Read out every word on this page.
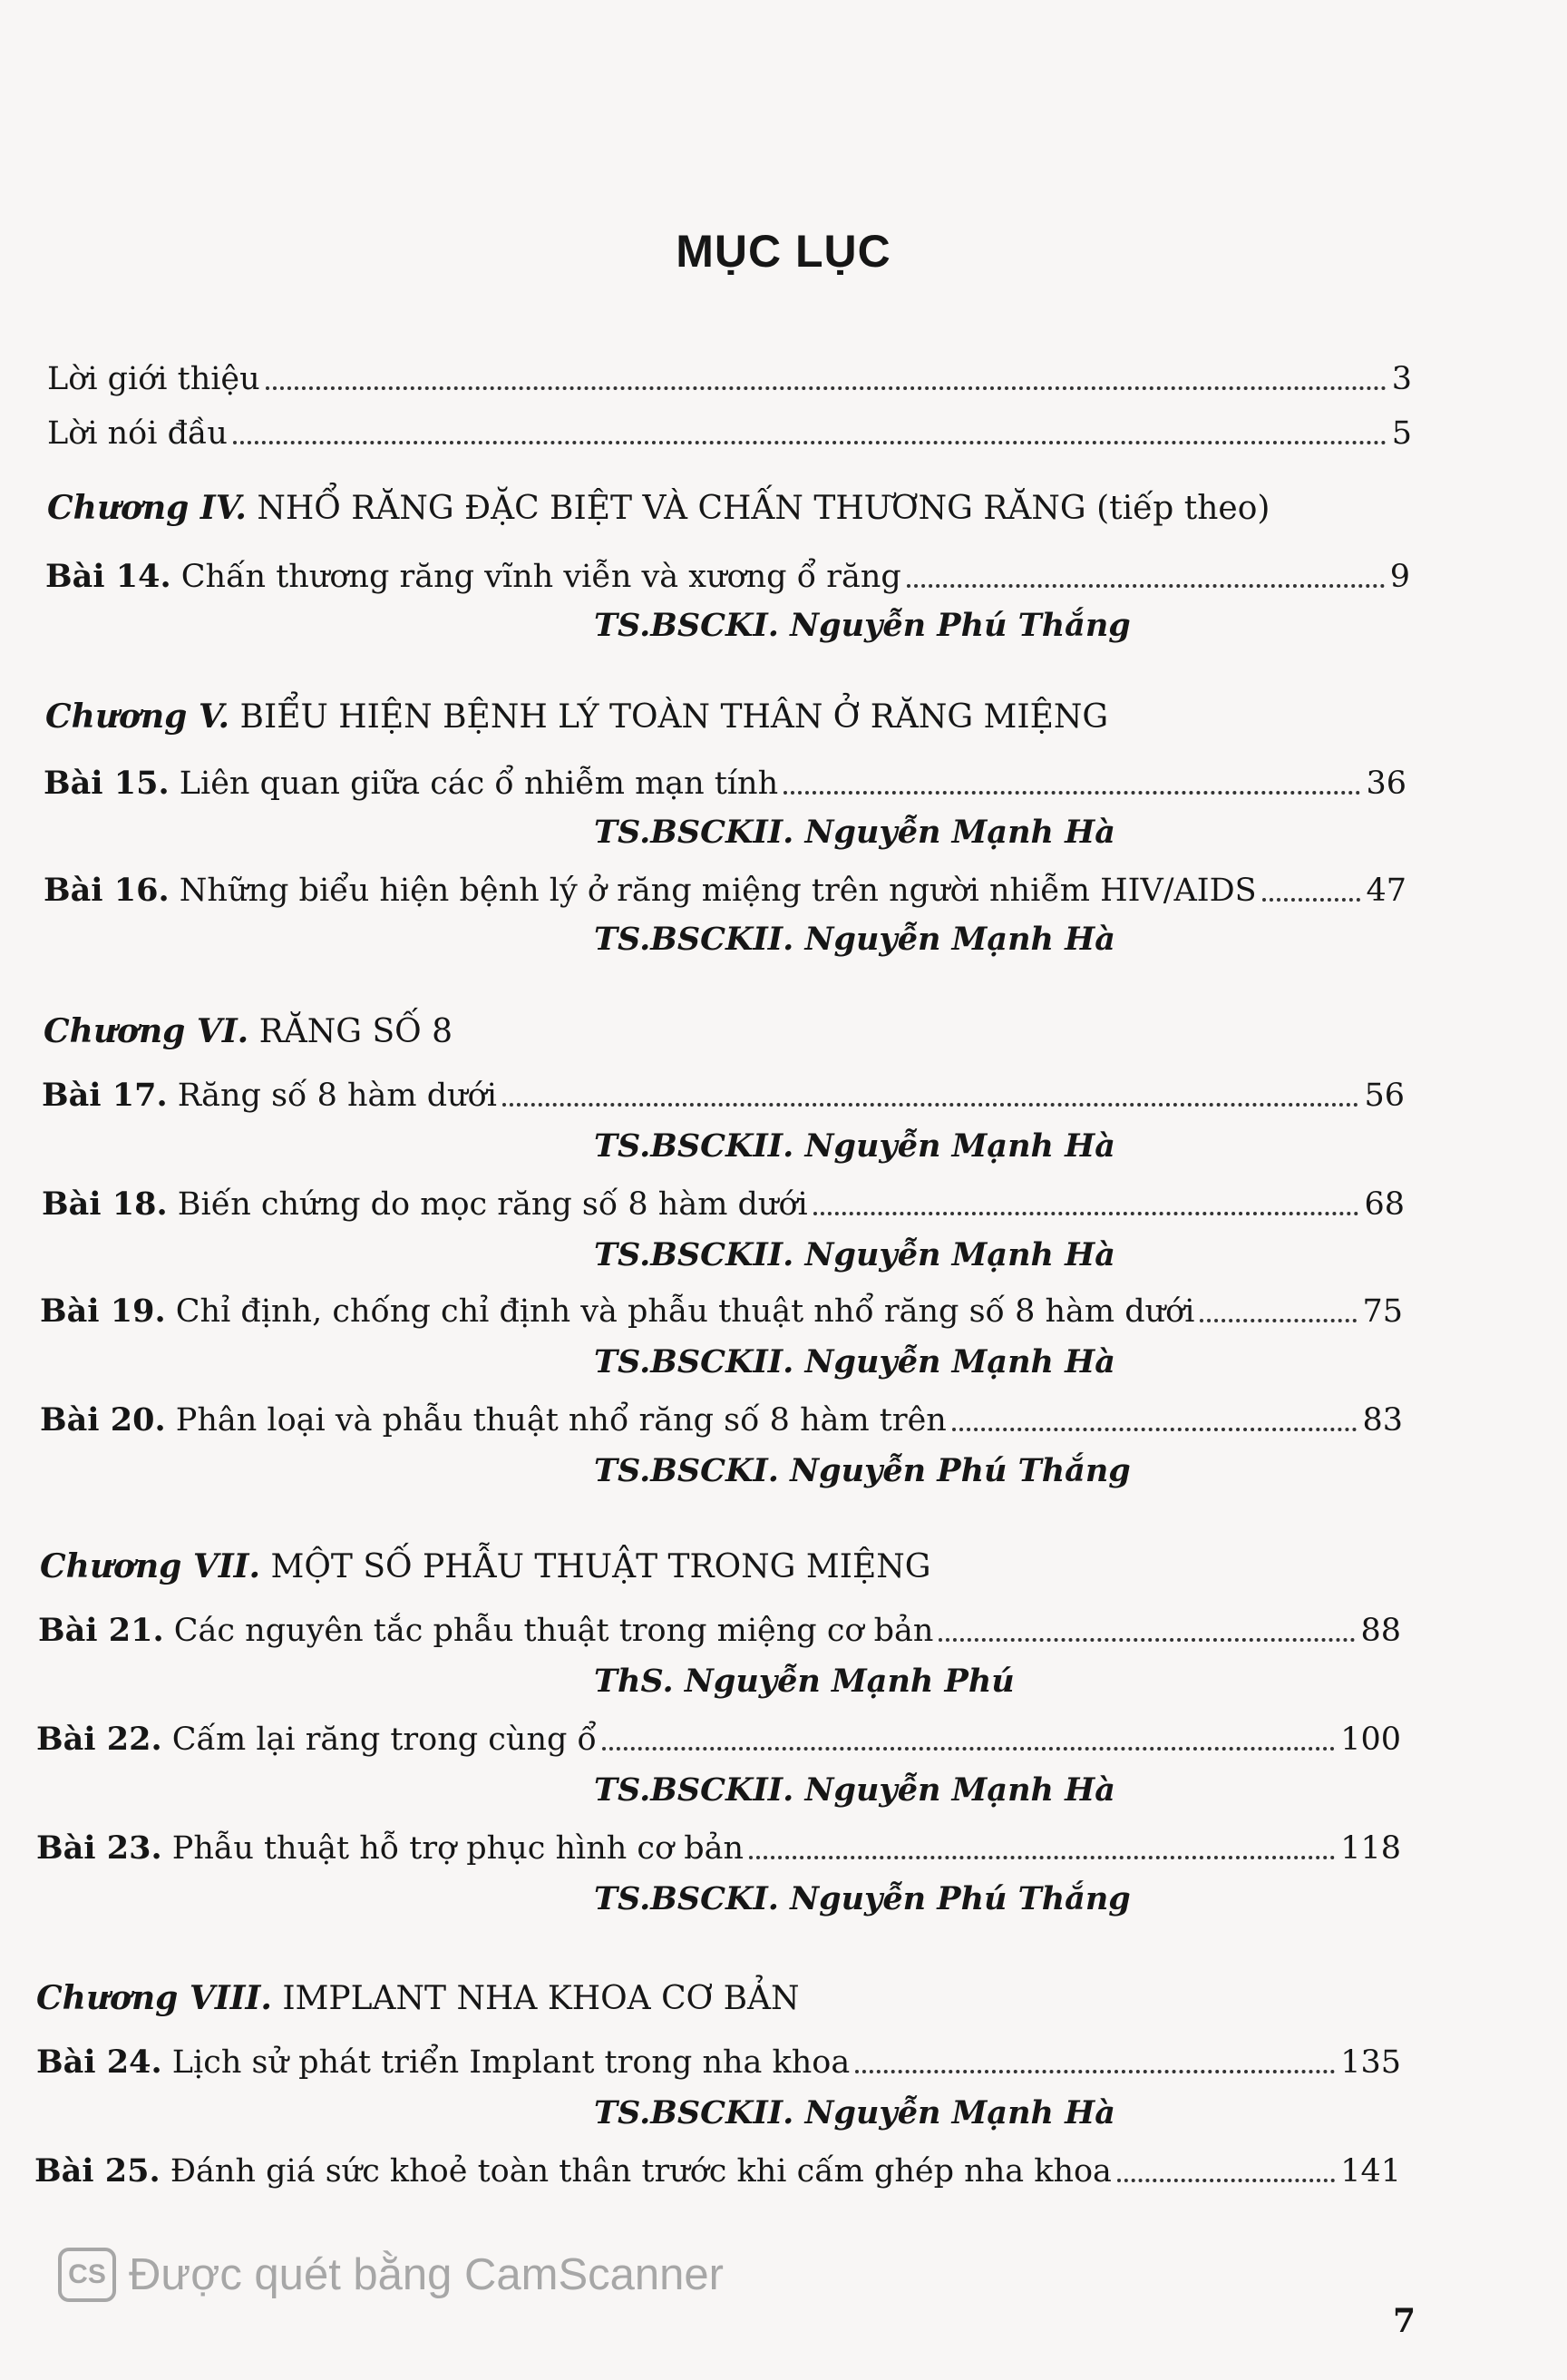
MỤC LỤC
Lời giới thiệu	3
Lời nói đầu	5
Chương IV. NHỔ RĂNG ĐẶC BIỆT VÀ CHẤN THƯƠNG RĂNG (tiếp theo)
Bài 14. Chấn thương răng vĩnh viễn và xương ổ răng	9
TS.BSCKI. Nguyễn Phú Thắng
Chương V. BIỂU HIỆN BỆNH LÝ TOÀN THÂN Ở RĂNG MIỆNG
Bài 15. Liên quan giữa các ổ nhiễm mạn tính	36
TS.BSCKII. Nguyễn Mạnh Hà
Bài 16. Những biểu hiện bệnh lý ở răng miệng trên người nhiễm HIV/AIDS	47
TS.BSCKII. Nguyễn Mạnh Hà
Chương VI. RĂNG SỐ 8
Bài 17. Răng số 8 hàm dưới	56
TS.BSCKII. Nguyễn Mạnh Hà
Bài 18. Biến chứng do mọc răng số 8 hàm dưới	68
TS.BSCKII. Nguyễn Mạnh Hà
Bài 19. Chỉ định, chống chỉ định và phẫu thuật nhổ răng số 8 hàm dưới	75
TS.BSCKII. Nguyễn Mạnh Hà
Bài 20. Phân loại và phẫu thuật nhổ răng số 8 hàm trên	83
TS.BSCKI. Nguyễn Phú Thắng
Chương VII. MỘT SỐ PHẪU THUẬT TRONG MIỆNG
Bài 21. Các nguyên tắc phẫu thuật trong miệng cơ bản	88
ThS. Nguyễn Mạnh Phú
Bài 22. Cấm lại răng trong cùng ổ	100
TS.BSCKII. Nguyễn Mạnh Hà
Bài 23. Phẫu thuật hỗ trợ phục hình cơ bản	118
TS.BSCKI. Nguyễn Phú Thắng
Chương VIII. IMPLANT NHA KHOA CƠ BẢN
Bài 24. Lịch sử phát triển Implant trong nha khoa	135
TS.BSCKII. Nguyễn Mạnh Hà
Bài 25. Đánh giá sức khoẻ toàn thân trước khi cấm ghép nha khoa	141
CS Được quét bằng CamScanner
7
